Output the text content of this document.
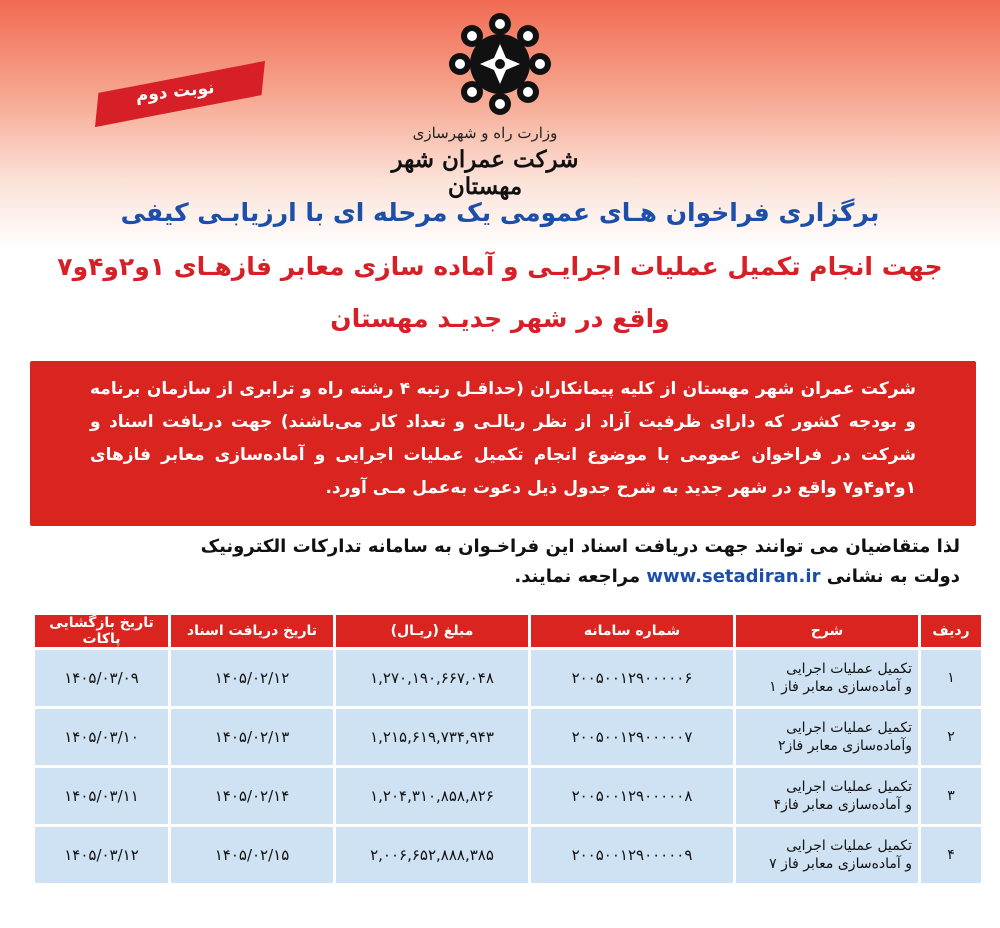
نوبت دوم
وزارت راه و شهرسازی
شرکت عمران شهر مهستان
برگزاری فراخوان هـای عمومی یک مرحله ای با ارزیابـی کیفی
جهت انجام تکمیل عملیات اجرایـی و آماده سازی معابر فازهـای ۱و۲و۴و۷
واقع در شهر جدیـد مهستان
شرکت عمران شهر مهستان از کلیه پیمانکاران (حداقـل رتبه ۴ رشته راه و ترابری از سازمان برنامه و بودجه کشور که دارای ظرفیت آزاد از نظر ریالـی و تعداد کار می‌باشند) جهت دریافت اسناد و شرکت در فراخوان عمومی با موضوع انجام تکمیل عملیات اجرایی و آماده‌سازی معابر فازهای ۱و۲و۴و۷ واقع در شهر جدید به شرح جدول ذیل دعوت به‌عمل مـی آورد.
لذا متقاضیان می توانند جهت دریافت اسناد این فراخـوان به سامانه تدارکات الکترونیک
دولت به نشانی www.setadiran.ir مراجعه نمایند.
ردیف	شرح	شماره سامانه	مبلغ (ریـال)	تاریخ دریافت اسناد	تاریخ بازگشایی پاکات
۱	تکمیل عملیات اجرایی
و آماده‌سازی معابر فاز ۱	۲۰۰۵۰۰۱۲۹۰۰۰۰۰۶	۱,۲۷۰,۱۹۰,۶۶۷,۰۴۸	۱۴۰۵/۰۲/۱۲	۱۴۰۵/۰۳/۰۹
۲	تکمیل عملیات اجرایی
وآماده‌سازی معابر فاز۲	۲۰۰۵۰۰۱۲۹۰۰۰۰۰۷	۱,۲۱۵,۶۱۹,۷۳۴,۹۴۳	۱۴۰۵/۰۲/۱۳	۱۴۰۵/۰۳/۱۰
۳	تکمیل عملیات اجرایی
و آماده‌سازی معابر فاز۴	۲۰۰۵۰۰۱۲۹۰۰۰۰۰۸	۱,۲۰۴,۳۱۰,۸۵۸,۸۲۶	۱۴۰۵/۰۲/۱۴	۱۴۰۵/۰۳/۱۱
۴	تکمیل عملیات اجرایی
و آماده‌سازی معابر فاز ۷	۲۰۰۵۰۰۱۲۹۰۰۰۰۰۹	۲,۰۰۶,۶۵۲,۸۸۸,۳۸۵	۱۴۰۵/۰۲/۱۵	۱۴۰۵/۰۳/۱۲
